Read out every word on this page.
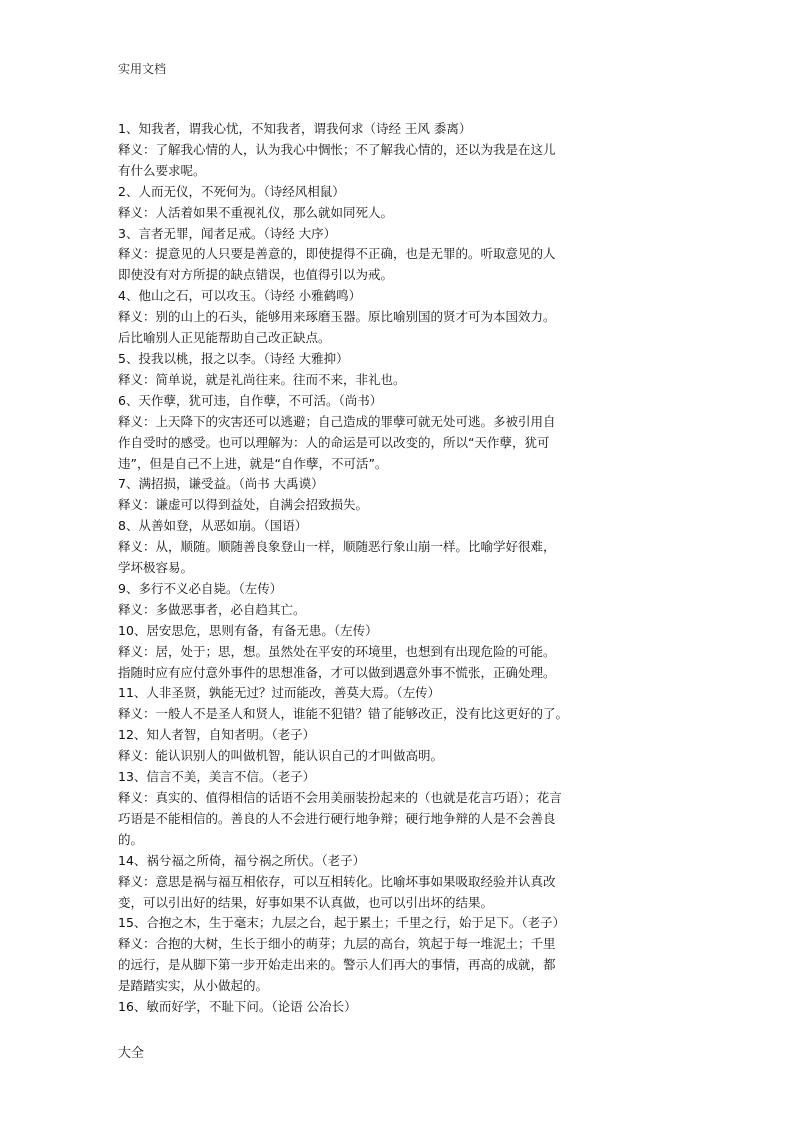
实用文档
1、知我者，谓我心忧，不知我者，谓我何求（诗经 王风 黍离）
释义：了解我心情的人，认为我心中惆怅；不了解我心情的，还以为我是在这儿
有什么要求呢。
2、人而无仪，不死何为。（诗经风相鼠）
释义：人活着如果不重视礼仪，那么就如同死人。
3、言者无罪，闻者足戒。（诗经 大序）
释义：提意见的人只要是善意的，即使提得不正确，也是无罪的。听取意见的人
即使没有对方所提的缺点错误，也值得引以为戒。
4、他山之石，可以攻玉。（诗经 小雅鹤鸣）
释义：别的山上的石头，能够用来琢磨玉器。原比喻别国的贤才可为本国效力。
后比喻别人正见能帮助自己改正缺点。
5、投我以桃，报之以李。（诗经 大雅抑）
释义：简单说，就是礼尚往来。往而不来，非礼也。
6、天作孽，犹可违，自作孽，不可活。（尚书）
释义：上天降下的灾害还可以逃避；自己造成的罪孽可就无处可逃。多被引用自
作自受时的感受。也可以理解为：人的命运是可以改变的，所以“天作孽，犹可
违”，但是自己不上进，就是“自作孽，不可活”。
7、满招损，谦受益。（尚书 大禹谟）
释义：谦虚可以得到益处，自满会招致损失。
8、从善如登，从恶如崩。（国语）
释义：从，顺随。顺随善良象登山一样，顺随恶行象山崩一样。比喻学好很难，
学坏极容易。
9、多行不义必自毙。（左传）
释义：多做恶事者，必自趋其亡。
10、居安思危，思则有备，有备无患。（左传）
释义：居，处于；思，想。虽然处在平安的环境里，也想到有出现危险的可能。
指随时应有应付意外事件的思想准备，才可以做到遇意外事不慌张，正确处理。
11、人非圣贤，孰能无过？过而能改，善莫大焉。（左传）
释义：一般人不是圣人和贤人，谁能不犯错？错了能够改正，没有比这更好的了。
12、知人者智，自知者明。（老子）
释义：能认识别人的叫做机智，能认识自己的才叫做高明。
13、信言不美，美言不信。（老子）
释义：真实的、值得相信的话语不会用美丽装扮起来的（也就是花言巧语）；花言
巧语是不能相信的。善良的人不会进行硬行地争辩；硬行地争辩的人是不会善良
的。
14、祸兮福之所倚，福兮祸之所伏。（老子）
释义：意思是祸与福互相依存，可以互相转化。比喻坏事如果吸取经验并认真改
变，可以引出好的结果，好事如果不认真做，也可以引出坏的结果。
15、合抱之木，生于毫末；九层之台，起于累土；千里之行，始于足下。（老子）
释义：合抱的大树，生长于细小的萌芽；九层的高台，筑起于每一堆泥土；千里
的远行，是从脚下第一步开始走出来的。警示人们再大的事情，再高的成就，都
是踏踏实实，从小做起的。
16、敏而好学，不耻下问。（论语 公冶长）
大全
